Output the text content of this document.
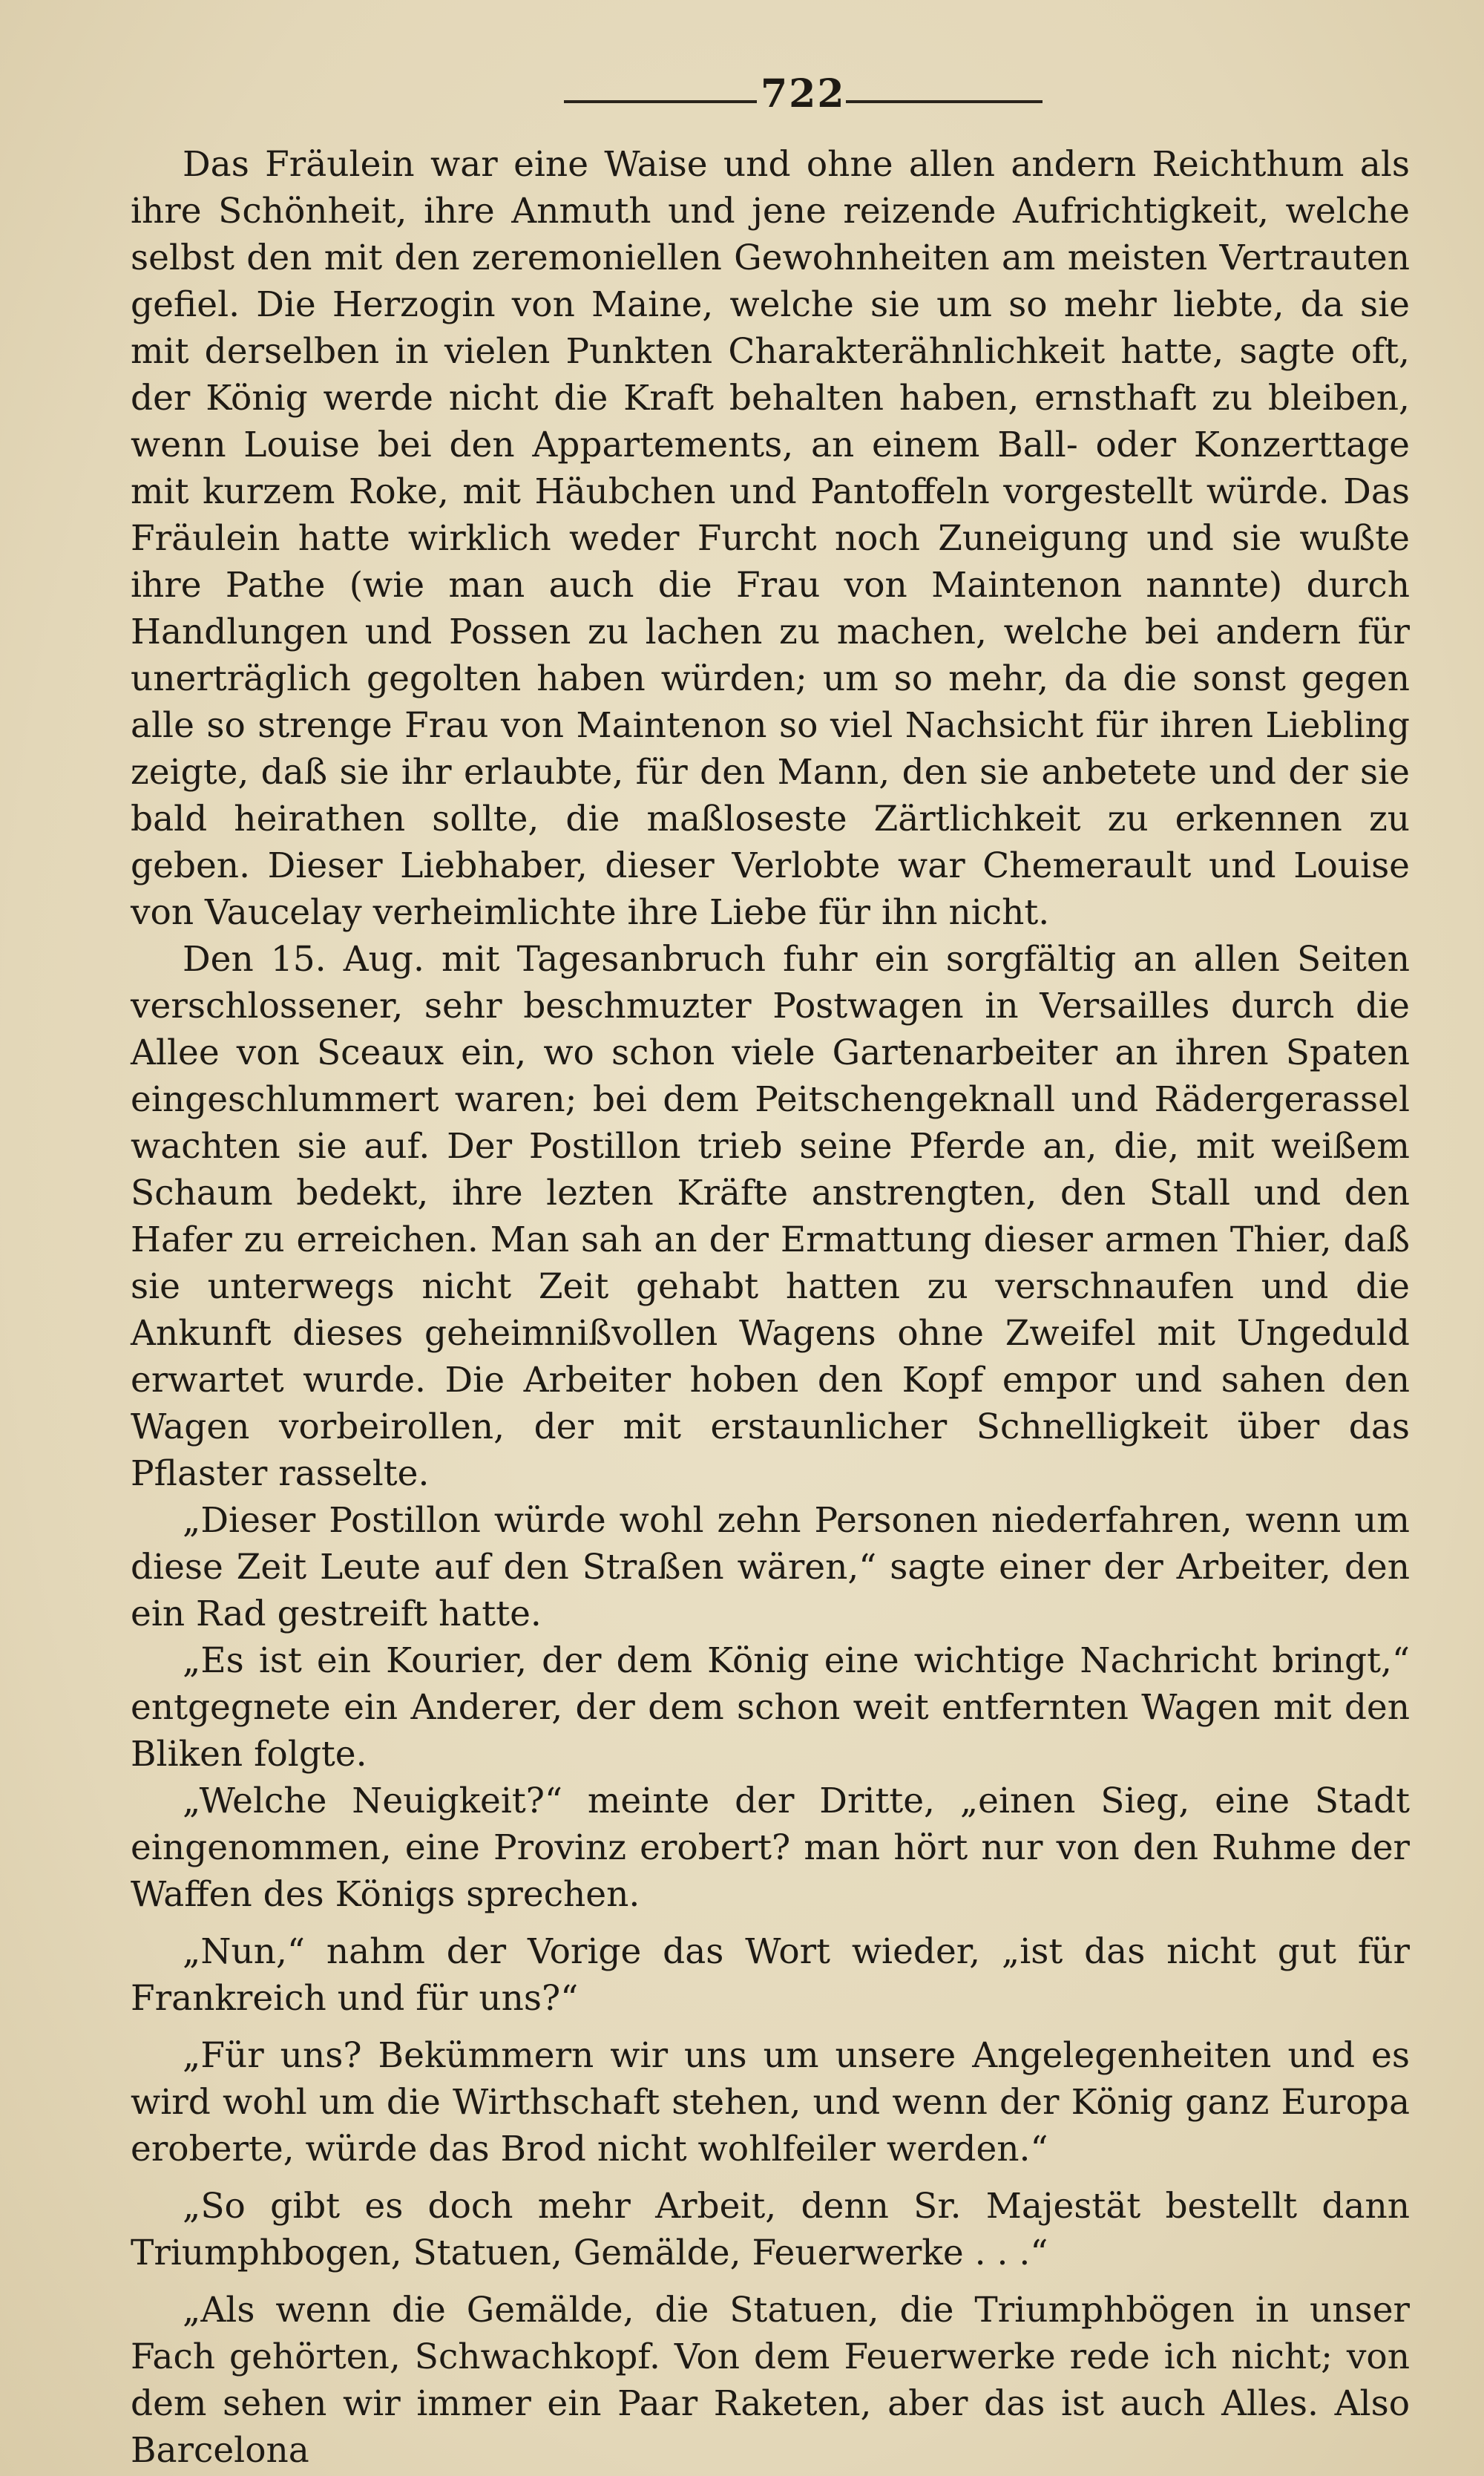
722

Das Fräulein war eine Waise und ohne allen andern Reichthum als ihre Schönheit, ihre Anmuth und jene reizende Aufrichtigkeit, welche selbst den mit den zeremoniellen Gewohnheiten am meisten Vertrauten gefiel. Die Herzogin von Maine, welche sie um so mehr liebte, da sie mit derselben in vielen Punkten Charakterähnlichkeit hatte, sagte oft, der König werde nicht die Kraft behalten haben, ernsthaft zu bleiben, wenn Louise bei den Appartements, an einem Ball- oder Konzerttage mit kurzem Roke, mit Häubchen und Pantoffeln vorgestellt würde. Das Fräulein hatte wirklich weder Furcht noch Zuneigung und sie wußte ihre Pathe (wie man auch die Frau von Maintenon nannte) durch Handlungen und Possen zu lachen zu machen, welche bei andern für unerträglich gegolten haben würden; um so mehr, da die sonst gegen alle so strenge Frau von Maintenon so viel Nachsicht für ihren Liebling zeigte, daß sie ihr erlaubte, für den Mann, den sie anbetete und der sie bald heirathen sollte, die maßloseste Zärtlichkeit zu erkennen zu geben. Dieser Liebhaber, dieser Verlobte war Chemerault und Louise von Vaucelay verheimlichte ihre Liebe für ihn nicht.

Den 15. Aug. mit Tagesanbruch fuhr ein sorgfältig an allen Seiten verschlossener, sehr beschmuzter Postwagen in Versailles durch die Allee von Sceaux ein, wo schon viele Gartenarbeiter an ihren Spaten eingeschlummert waren; bei dem Peitschengeknall und Rädergerassel wachten sie auf. Der Postillon trieb seine Pferde an, die, mit weißem Schaum bedekt, ihre lezten Kräfte anstrengten, den Stall und den Hafer zu erreichen. Man sah an der Ermattung dieser armen Thier, daß sie unterwegs nicht Zeit gehabt hatten zu verschnaufen und die Ankunft dieses geheimnißvollen Wagens ohne Zweifel mit Ungeduld erwartet wurde. Die Arbeiter hoben den Kopf empor und sahen den Wagen vorbeirollen, der mit erstaunlicher Schnelligkeit über das Pflaster rasselte.

„Dieser Postillon würde wohl zehn Personen niederfahren, wenn um diese Zeit Leute auf den Straßen wären,“ sagte einer der Arbeiter, den ein Rad gestreift hatte.

„Es ist ein Kourier, der dem König eine wichtige Nachricht bringt,“ entgegnete ein Anderer, der dem schon weit entfernten Wagen mit den Bliken folgte.

„Welche Neuigkeit?“ meinte der Dritte, „einen Sieg, eine Stadt eingenommen, eine Provinz erobert? man hört nur von den Ruhme der Waffen des Königs sprechen.

„Nun,“ nahm der Vorige das Wort wieder, „ist das nicht gut für Frankreich und für uns?“

„Für uns? Bekümmern wir uns um unsere Angelegenheiten und es wird wohl um die Wirthschaft stehen, und wenn der König ganz Europa eroberte, würde das Brod nicht wohlfeiler werden.“

„So gibt es doch mehr Arbeit, denn Sr. Majestät bestellt dann Triumphbogen, Statuen, Gemälde, Feuerwerke . . .“

„Als wenn die Gemälde, die Statuen, die Triumphbögen in unser Fach gehörten, Schwachkopf. Von dem Feuerwerke rede ich nicht; von dem sehen wir immer ein Paar Raketen, aber das ist auch Alles. Also Barcelona
